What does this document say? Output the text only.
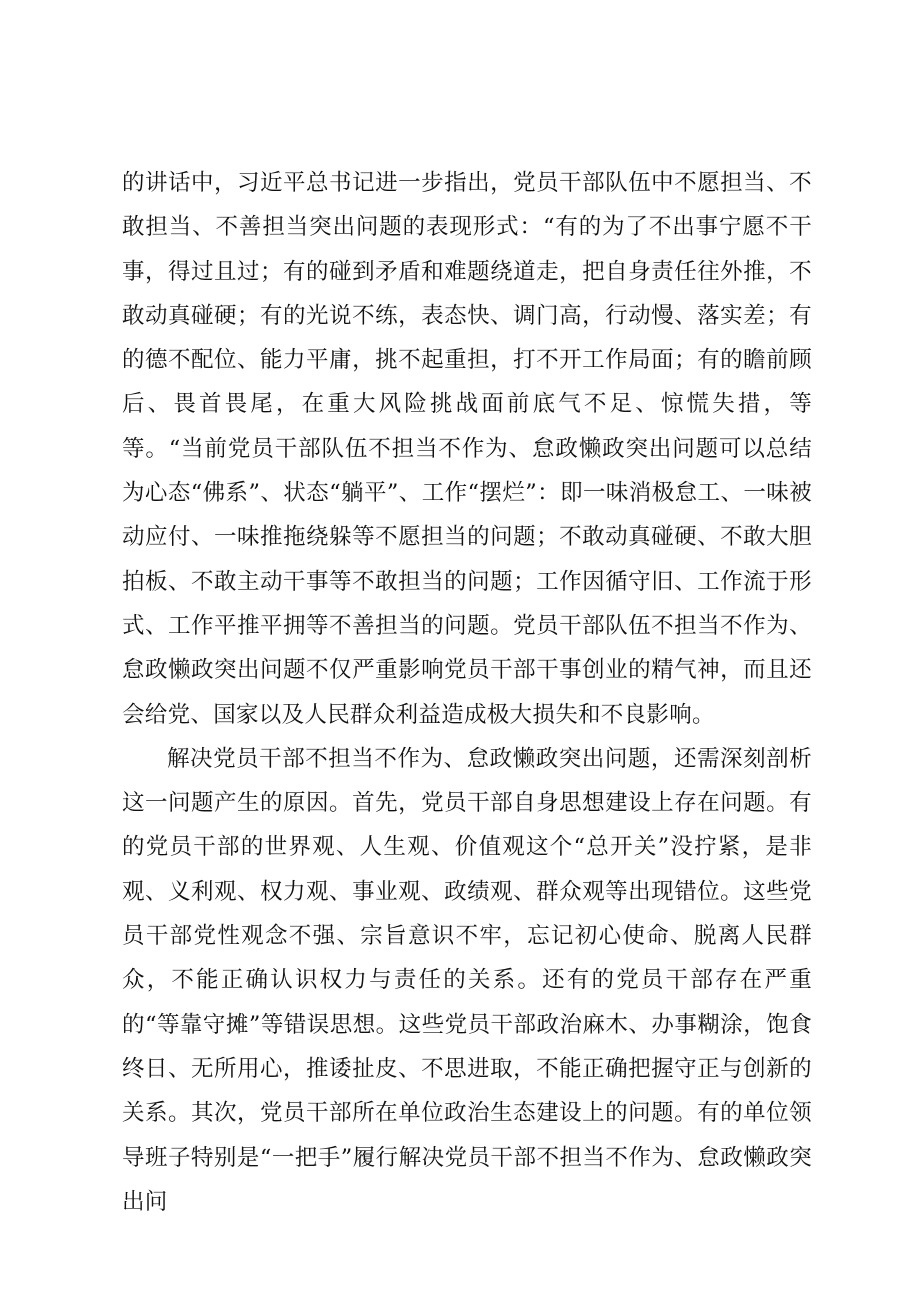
的讲话中，习近平总书记进一步指出，党员干部队伍中不愿担当、不敢担当、不善担当突出问题的表现形式：“有的为了不出事宁愿不干事，得过且过；有的碰到矛盾和难题绕道走，把自身责任往外推，不敢动真碰硬；有的光说不练，表态快、调门高，行动慢、落实差；有的德不配位、能力平庸，挑不起重担，打不开工作局面；有的瞻前顾后、畏首畏尾，在重大风险挑战面前底气不足、惊慌失措，等等。“当前党员干部队伍不担当不作为、怠政懒政突出问题可以总结为心态“佛系”、状态“躺平”、工作“摆烂”：即一味消极怠工、一味被动应付、一味推拖绕躲等不愿担当的问题；不敢动真碰硬、不敢大胆拍板、不敢主动干事等不敢担当的问题；工作因循守旧、工作流于形式、工作平推平拥等不善担当的问题。党员干部队伍不担当不作为、怠政懒政突出问题不仅严重影响党员干部干事创业的精气神，而且还会给党、国家以及人民群众利益造成极大损失和不良影响。

解决党员干部不担当不作为、怠政懒政突出问题，还需深刻剖析这一问题产生的原因。首先，党员干部自身思想建设上存在问题。有的党员干部的世界观、人生观、价值观这个“总开关”没拧紧，是非观、义利观、权力观、事业观、政绩观、群众观等出现错位。这些党员干部党性观念不强、宗旨意识不牢，忘记初心使命、脱离人民群众，不能正确认识权力与责任的关系。还有的党员干部存在严重的“等靠守摊”等错误思想。这些党员干部政治麻木、办事糊涂，饱食终日、无所用心，推诿扯皮、不思进取，不能正确把握守正与创新的关系。其次，党员干部所在单位政治生态建设上的问题。有的单位领导班子特别是“一把手”履行解决党员干部不担当不作为、怠政懒政突出问
